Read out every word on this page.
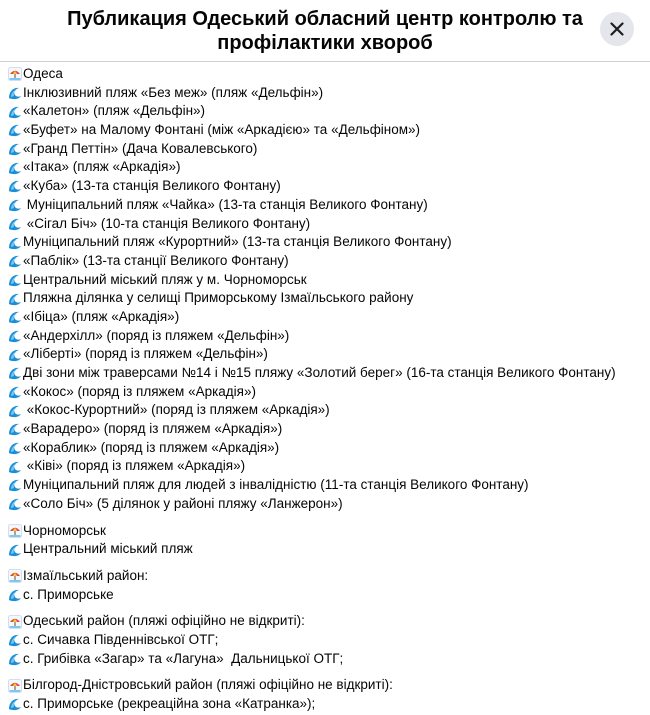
Публикация Одеський обласний центр контролю та
профілактики хвороб
Одеса
Інклюзивний пляж «Без меж» (пляж «Дельфін»)
«Калетон» (пляж «Дельфін»)
«Буфет» на Малому Фонтані (між «Аркадією» та «Дельфіном»)
«Гранд Петтін» (Дача Ковалевського)
«Ітака» (пляж «Аркадія»)
«Куба» (13-та станція Великого Фонтану)
Муніципальний пляж «Чайка» (13-та станція Великого Фонтану)
«Сігал Біч» (10-та станція Великого Фонтану)
Муніципальний пляж «Курортний» (13-та станція Великого Фонтану)
«Паблік» (13-та станції Великого Фонтану)
Центральний міський пляж у м. Чорноморськ
Пляжна ділянка у селищі Приморському Ізмаїльського району
«Ібіца» (пляж «Аркадія»)
«Андерхілл» (поряд із пляжем «Дельфін»)
«Ліберті» (поряд із пляжем «Дельфін»)
Дві зони між траверсами №14 і №15 пляжу «Золотий берег» (16-та станція Великого Фонтану)
«Кокос» (поряд із пляжем «Аркадія»)
«Кокос-Курортний» (поряд із пляжем «Аркадія»)
«Варадеро» (поряд із пляжем «Аркадія»)
«Кораблик» (поряд із пляжем «Аркадія»)
«Ківі» (поряд із пляжем «Аркадія»)
Муніципальний пляж для людей з інвалідністю (11-та станція Великого Фонтану)
«Соло Біч» (5 ділянок у районі пляжу «Ланжерон»)
Чорноморськ
Центральний міський пляж
Ізмаїльський район:
с. Приморське
Одеський район (пляжі офіційно не відкриті):
с. Сичавка Південнівської ОТГ;
с. Грибівка «Загар» та «Лагуна»  Дальницької ОТГ;
Білгород-Дністровський район (пляжі офіційно не відкриті):
с. Приморське (рекреаційна зона «Катранка»);
